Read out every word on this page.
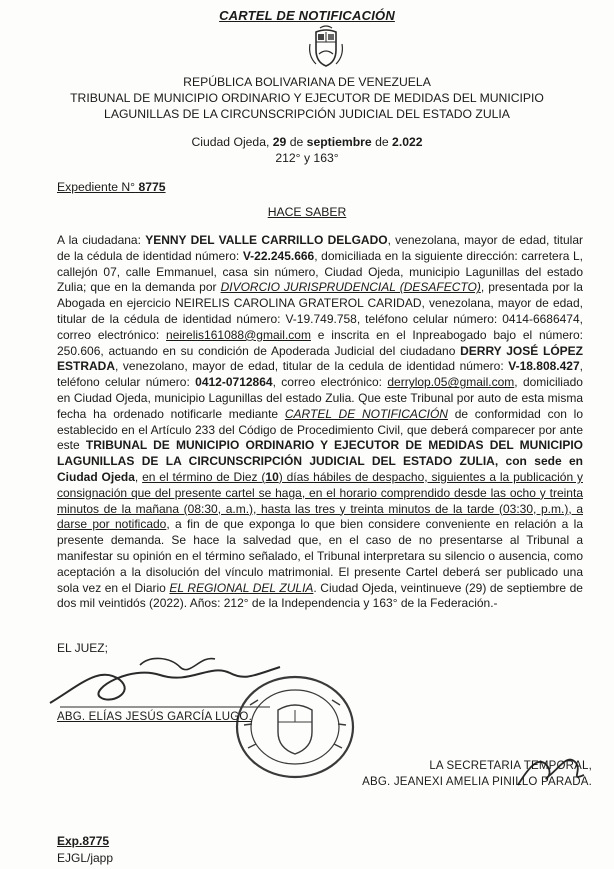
CARTEL DE NOTIFICACIÓN
REPÚBLICA BOLIVARIANA DE VENEZUELA
TRIBUNAL DE MUNICIPIO ORDINARIO Y EJECUTOR DE MEDIDAS DEL MUNICIPIO
LAGUNILLAS DE LA CIRCUNSCRIPCIÓN JUDICIAL DEL ESTADO ZULIA
Ciudad Ojeda, 29 de septiembre de 2.022
212° y 163°
Expediente N° 8775
HACE SABER

A la ciudadana: YENNY DEL VALLE CARRILLO DELGADO, venezolana, mayor de edad, titular de la cédula de identidad número: V-22.245.666, domiciliada en la siguiente dirección: carretera L, callejón 07, calle Emmanuel, casa sin número, Ciudad Ojeda, municipio Lagunillas del estado Zulia; que en la demanda por DIVORCIO JURISPRUDENCIAL (DESAFECTO), presentada por la Abogada en ejercicio NEIRELIS CAROLINA GRATEROL CARIDAD, venezolana, mayor de edad, titular de la cédula de identidad número: V-19.749.758, teléfono celular número: 0414-6686474, correo electrónico: neirelis161088@gmail.com e inscrita en el Inpreabogado bajo el número: 250.606, actuando en su condición de Apoderada Judicial del ciudadano DERRY JOSÉ LÓPEZ ESTRADA, venezolano, mayor de edad, titular de la cedula de identidad número: V-18.808.427, teléfono celular número: 0412-0712864, correo electrónico: derrylop.05@gmail.com, domiciliado en Ciudad Ojeda, municipio Lagunillas del estado Zulia. Que este Tribunal por auto de esta misma fecha ha ordenado notificarle mediante CARTEL DE NOTIFICACIÓN de conformidad con lo establecido en el Artículo 233 del Código de Procedimiento Civil, que deberá comparecer por ante este TRIBUNAL DE MUNICIPIO ORDINARIO Y EJECUTOR DE MEDIDAS DEL MUNICIPIO LAGUNILLAS DE LA CIRCUNSCRIPCIÓN JUDICIAL DEL ESTADO ZULIA, con sede en Ciudad Ojeda, en el término de Diez (10) días hábiles de despacho, siguientes a la publicación y consignación que del presente cartel se haga, en el horario comprendido desde las ocho y treinta minutos de la mañana (08:30, a.m.), hasta las tres y treinta minutos de la tarde (03:30, p.m.), a darse por notificado, a fin de que exponga lo que bien considere conveniente en relación a la presente demanda. Se hace la salvedad que, en el caso de no presentarse al Tribunal a manifestar su opinión en el término señalado, el Tribunal interpretara su silencio o ausencia, como aceptación a la disolución del vínculo matrimonial. El presente Cartel deberá ser publicado una sola vez en el Diario EL REGIONAL DEL ZULIA. Ciudad Ojeda, veintinueve (29) de septiembre de dos mil veintidós (2022). Años: 212° de la Independencia y 163° de la Federación.-

EL JUEZ;
ABG. ELÍAS JESÚS GARCÍA LUGO.
LA SECRETARIA TEMPORAL,
ABG. JEANEXI AMELIA PINILLO PARADA.
Exp.8775
EJGL/japp
